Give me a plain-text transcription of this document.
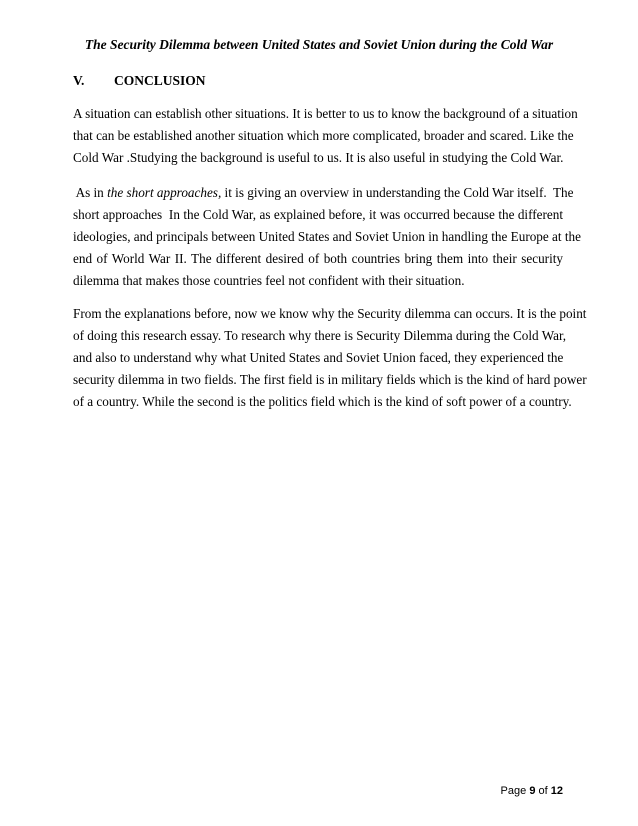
The Security Dilemma between United States and Soviet Union during the Cold War
V. CONCLUSION
A situation can establish other situations. It is better to us to know the background of a situation
that can be established another situation which more complicated, broader and scared. Like the
Cold War .Studying the background is useful to us. It is also useful in studying the Cold War.
As in the short approaches, it is giving an overview in understanding the Cold War itself.  The
short approaches  In the Cold War, as explained before, it was occurred because the different
ideologies, and principals between United States and Soviet Union in handling the Europe at the
end of World War II. The different desired of both countries bring them into their security
dilemma that makes those countries feel not confident with their situation.
From the explanations before, now we know why the Security dilemma can occurs. It is the point
of doing this research essay. To research why there is Security Dilemma during the Cold War,
and also to understand why what United States and Soviet Union faced, they experienced the
security dilemma in two fields. The first field is in military fields which is the kind of hard power
of a country. While the second is the politics field which is the kind of soft power of a country.
Page 9 of 12
